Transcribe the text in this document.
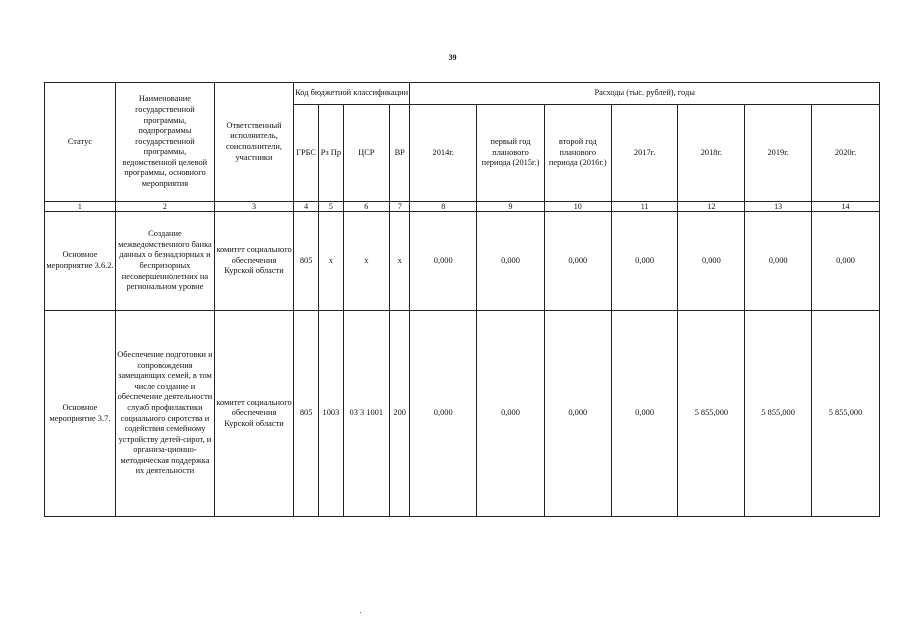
39
Статус	Наименование государственной программы, подпрограммы государственной программы, ведомственной целевой программы, основного мероприятия	Ответственный исполнитель, соисполнители, участники	Код бюджетной классификации				Расходы (тыс. рублей), годы						
			ГРБС	Рз Пр	ЦСР	ВР	2014г.	первый год планового периода (2015г.)	второй год планового периода (2016г.)	2017г.	2018г.	2019г.	2020г.
1	2	3	4	5	6	7	8	9	10	11	12	13	14
Основное мероприятие 3.6.2.	Создание межведомственного банка данных о безнадзорных и беспризорных несовершеннолетних на региональном уровне	комитет социального обеспечения Курской области	805	х	х	х	0,000	0,000	0,000	0,000	0,000	0,000	0,000
Основное мероприятие 3.7.	Обеспечение подготовки и сопровождения замещающих семей, в том числе создание и обеспечение деятельности служб профилактики социального сиротства и содействия семейному устройству детей-сирот, и организа-ционно-методическая поддержка их деятельности	комитет социального обеспечения Курской области	805	1003	03 3 1001	200	0,000	0,000	0,000	0,000	5 855,000	5 855,000	5 855,000
